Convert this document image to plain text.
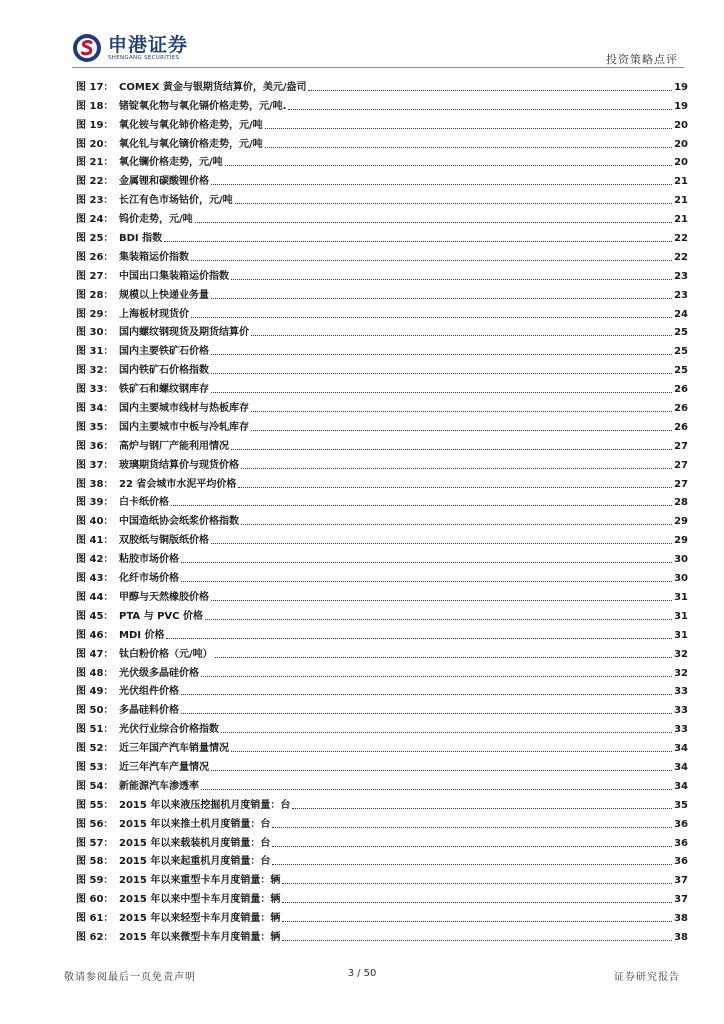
申港证券
SHENGANG SECURITIES	投资策略点评
图 17： COMEX 黄金与银期货结算价，美元/盎司	19
图 18： 锗锭氧化物与氧化镉价格走势，元/吨.	19
图 19： 氧化铵与氧化铈价格走势，元/吨	20
图 20： 氧化钆与氧化镝价格走势，元/吨	20
图 21： 氧化镧价格走势，元/吨	20
图 22： 金属锂和碳酸锂价格	21
图 23： 长江有色市场钴价，元/吨	21
图 24： 钨价走势，元/吨	21
图 25： BDI 指数	22
图 26： 集装箱运价指数	22
图 27： 中国出口集装箱运价指数	23
图 28： 规模以上快递业务量	23
图 29： 上海板材现货价	24
图 30： 国内螺纹钢现货及期货结算价	25
图 31： 国内主要铁矿石价格	25
图 32： 国内铁矿石价格指数	25
图 33： 铁矿石和螺纹钢库存	26
图 34： 国内主要城市线材与热板库存	26
图 35： 国内主要城市中板与冷轧库存	26
图 36： 高炉与钢厂产能利用情况	27
图 37： 玻璃期货结算价与现货价格	27
图 38： 22 省会城市水泥平均价格	27
图 39： 白卡纸价格	28
图 40： 中国造纸协会纸浆价格指数	29
图 41： 双胶纸与铜版纸价格	29
图 42： 粘胶市场价格	30
图 43： 化纤市场价格	30
图 44： 甲醇与天然橡胶价格	31
图 45： PTA 与 PVC 价格	31
图 46： MDI 价格	31
图 47： 钛白粉价格（元/吨）	32
图 48： 光伏级多晶硅价格	32
图 49： 光伏组件价格	33
图 50： 多晶硅料价格	33
图 51： 光伏行业综合价格指数	33
图 52： 近三年国产汽车销量情况	34
图 53： 近三年汽车产量情况	34
图 54： 新能源汽车渗透率	34
图 55： 2015 年以来液压挖掘机月度销量：台	35
图 56： 2015 年以来推土机月度销量：台	36
图 57： 2015 年以来载装机月度销量：台	36
图 58： 2015 年以来起重机月度销量：台	36
图 59： 2015 年以来重型卡车月度销量：辆	37
图 60： 2015 年以来中型卡车月度销量：辆	37
图 61： 2015 年以来轻型卡车月度销量：辆	38
图 62： 2015 年以来微型卡车月度销量：辆	38
敬请参阅最后一页免责声明	3 / 50	证券研究报告
